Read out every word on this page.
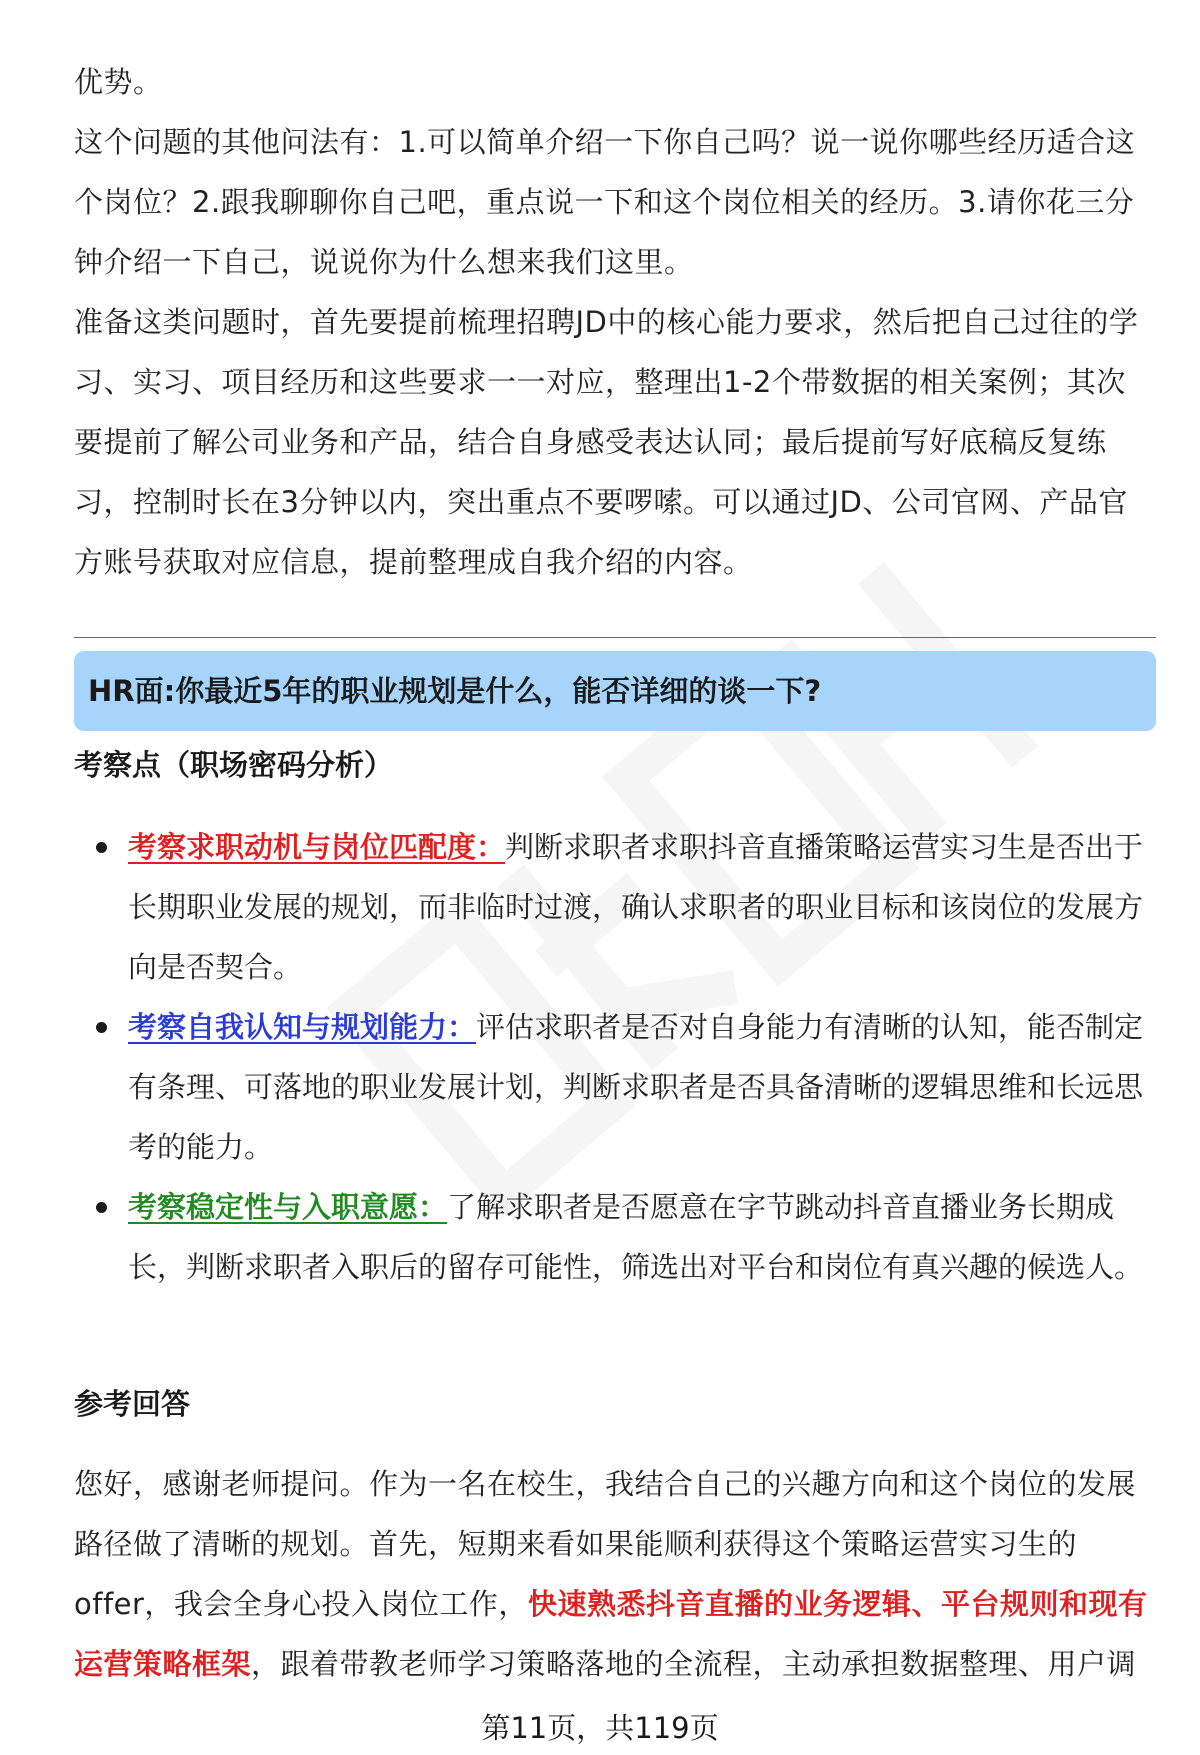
优势。

这个问题的其他问法有：1.可以简单介绍一下你自己吗？说一说你哪些经历适合这个岗位？2.跟我聊聊你自己吧，重点说一下和这个岗位相关的经历。3.请你花三分钟介绍一下自己，说说你为什么想来我们这里。

准备这类问题时，首先要提前梳理招聘JD中的核心能力要求，然后把自己过往的学习、实习、项目经历和这些要求一一对应，整理出1-2个带数据的相关案例；其次要提前了解公司业务和产品，结合自身感受表达认同；最后提前写好底稿反复练习，控制时长在3分钟以内，突出重点不要啰嗦。可以通过JD、公司官网、产品官方账号获取对应信息，提前整理成自我介绍的内容。

HR面:你最近5年的职业规划是什么，能否详细的谈一下?
考察点（职场密码分析）
考察求职动机与岗位匹配度：判断求职者求职抖音直播策略运营实习生是否出于长期职业发展的规划，而非临时过渡，确认求职者的职业目标和该岗位的发展方向是否契合。
考察自我认知与规划能力：评估求职者是否对自身能力有清晰的认知，能否制定有条理、可落地的职业发展计划，判断求职者是否具备清晰的逻辑思维和长远思考的能力。
考察稳定性与入职意愿：了解求职者是否愿意在字节跳动抖音直播业务长期成长，判断求职者入职后的留存可能性，筛选出对平台和岗位有真兴趣的候选人。
参考回答

您好，感谢老师提问。作为一名在校生，我结合自己的兴趣方向和这个岗位的发展路径做了清晰的规划。首先，短期来看如果能顺利获得这个策略运营实习生的offer，我会全身心投入岗位工作，快速熟悉抖音直播的业务逻辑、平台规则和现有运营策略框架，跟着带教老师学习策略落地的全流程，主动承担数据整理、用户调

第11页，共119页
